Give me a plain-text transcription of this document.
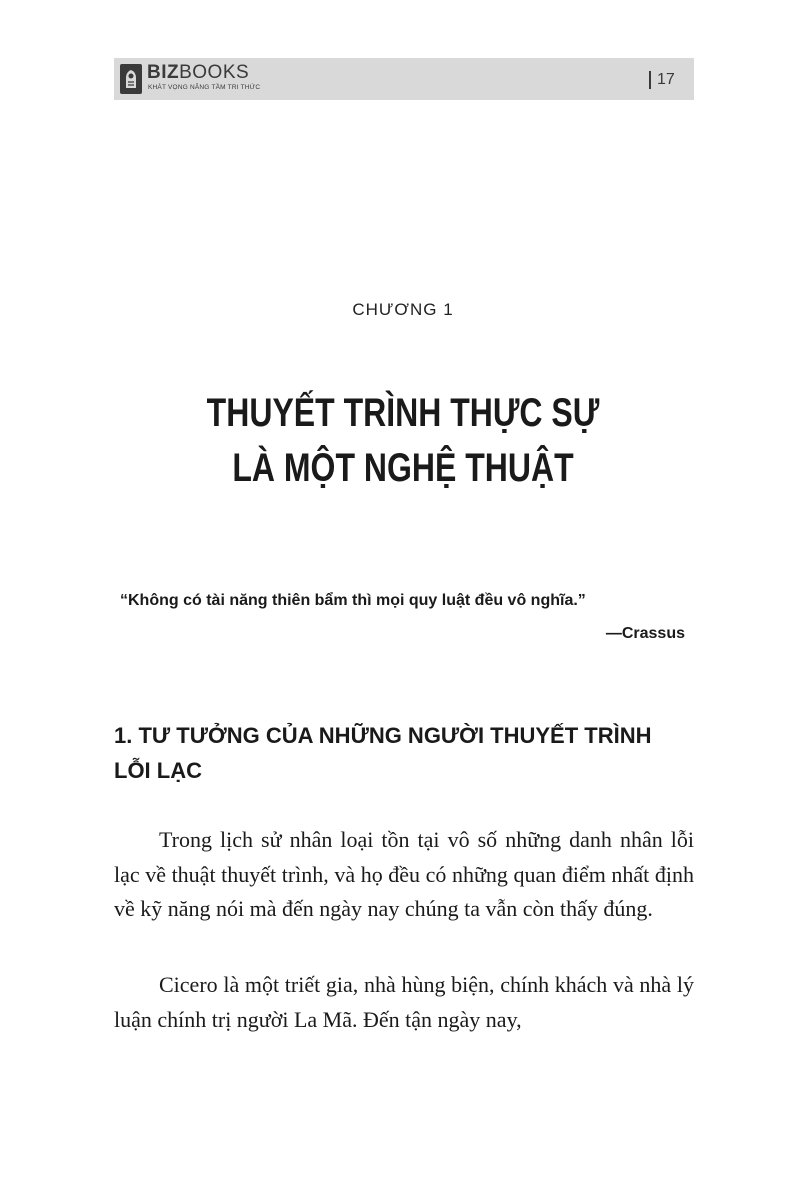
BIZBOOKS
KHÁT VỌNG NÂNG TẦM TRI THỨC	17
CHƯƠNG 1
THUYẾT TRÌNH THỰC SỰ
LÀ MỘT NGHỆ THUẬT
“Không có tài năng thiên bẩm thì mọi quy luật đều vô nghĩa.”
—Crassus
1. TƯ TƯỞNG CỦA NHỮNG NGƯỜI THUYẾT TRÌNH LỖI LẠC

Trong lịch sử nhân loại tồn tại vô số những danh nhân lỗi lạc về thuật thuyết trình, và họ đều có những quan điểm nhất định về kỹ năng nói mà đến ngày nay chúng ta vẫn còn thấy đúng.

Cicero là một triết gia, nhà hùng biện, chính khách và nhà lý luận chính trị người La Mã. Đến tận ngày nay,
